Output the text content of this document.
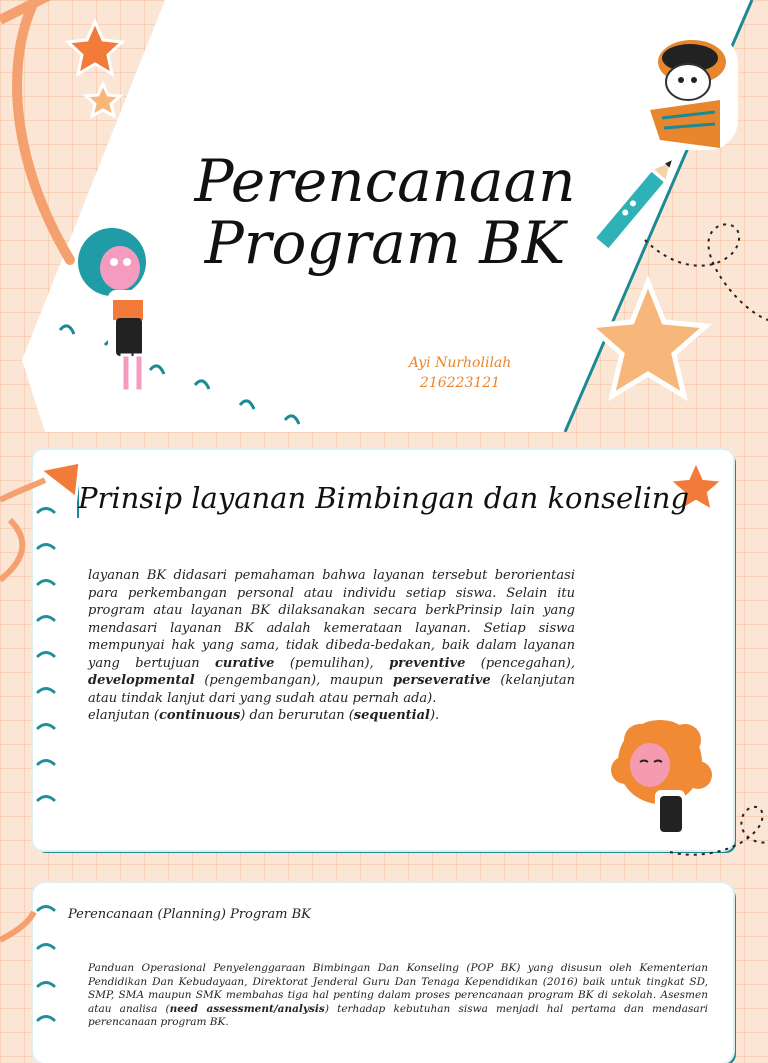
Perencanaan
Program BK
Ayi Nurholilah
216223121
Prinsip layanan Bimbingan dan konseling

layanan BK didasari pemahaman bahwa layanan tersebut berorientasi para perkembangan personal atau individu setiap siswa. Selain itu program atau layanan BK dilaksanakan secara berkPrinsip lain yang mendasari layanan BK adalah kemerataan layanan. Setiap siswa mempunyai hak yang sama, tidak dibeda-bedakan, baik dalam layanan yang bertujuan curative (pemulihan), preventive (pencegahan), developmental (pengembangan), maupun perseverative (kelanjutan atau tindak lanjut dari yang sudah atau pernah ada).

elanjutan (continuous) dan berurutan (sequential).

Perencanaan (Planning) Program BK
Panduan Operasional Penyelenggaraan Bimbingan Dan Konseling (POP BK) yang disusun oleh Kementerian Pendidikan Dan Kebudayaan, Direktorat Jenderal Guru Dan Tenaga Kependidikan (2016) baik untuk tingkat SD, SMP, SMA maupun SMK membahas tiga hal penting dalam proses perencanaan program BK di sekolah. Asesmen atau analisa (need assessment/analysis) terhadap kebutuhan siswa menjadi hal pertama dan mendasari perencanaan program BK.
